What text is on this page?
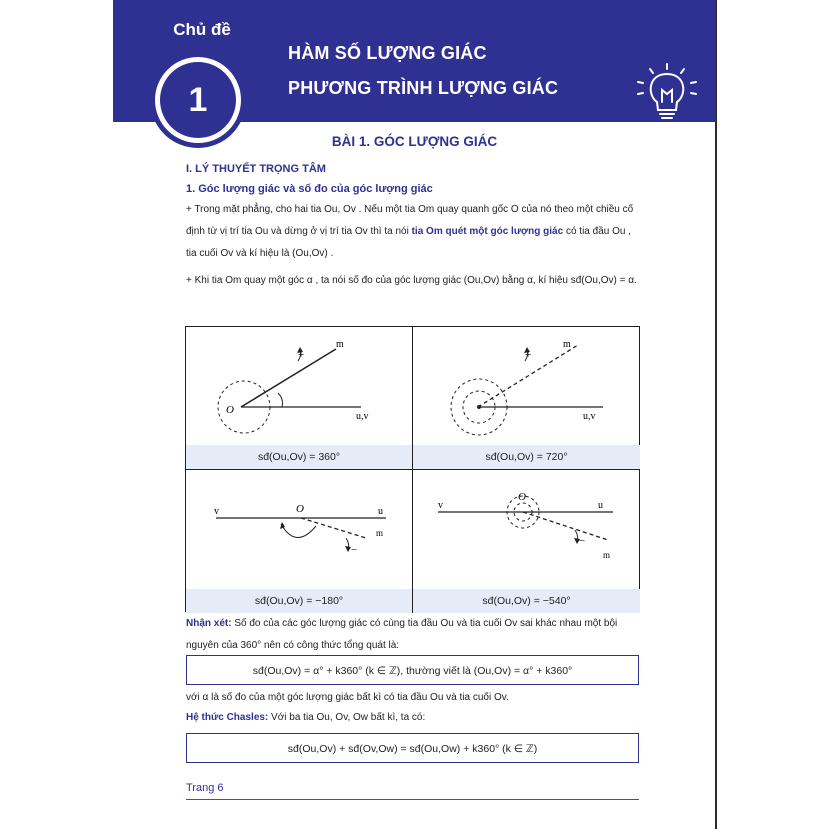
Chủ đề
1
HÀM SỐ LƯỢNG GIÁC
PHƯƠNG TRÌNH LƯỢNG GIÁC
BÀI 1. GÓC LƯỢNG GIÁC
I. LÝ THUYẾT TRỌNG TÂM
1. Góc lượng giác và số đo của góc lượng giác
+ Trong mặt phẳng, cho hai tia Ou, Ov . Nếu một tia Om quay quanh gốc O của nó theo một chiều cố định từ vị trí tia Ou và dừng ở vị trí tia Ov thì ta nói tia Om quét một góc lượng giác có tia đầu Ou , tia cuối Ov và kí hiệu là (Ou,Ov) .
+ Khi tia Om quay một góc α , ta nói số đo của góc lượng giác (Ou,Ov) bằng α, kí hiệu sđ(Ou,Ov) = α.
+
O
m
u,v
sđ(Ou,Ov) = 360°
+
m
u,v
sđ(Ou,Ov) = 720°
−
O
v	u
m
sđ(Ou,Ov) = −180°
−
O
v	u
m
sđ(Ou,Ov) = −540°
Nhận xét: Số đo của các góc lượng giác có cùng tia đầu Ou và tia cuối Ov sai khác nhau một bội nguyên của 360° nên có công thức tổng quát là:
sđ(Ou,Ov) = α° + k360° (k ∈ ℤ), thường viết là (Ou,Ov) = α° + k360°
với α là số đo của một góc lượng giác bất kì có tia đầu Ou và tia cuối Ov.
Hệ thức Chasles: Với ba tia Ou, Ov, Ow bất kì, ta có:
sđ(Ou,Ov) + sđ(Ov,Ow) = sđ(Ou,Ow) + k360° (k ∈ ℤ)
Trang 6
